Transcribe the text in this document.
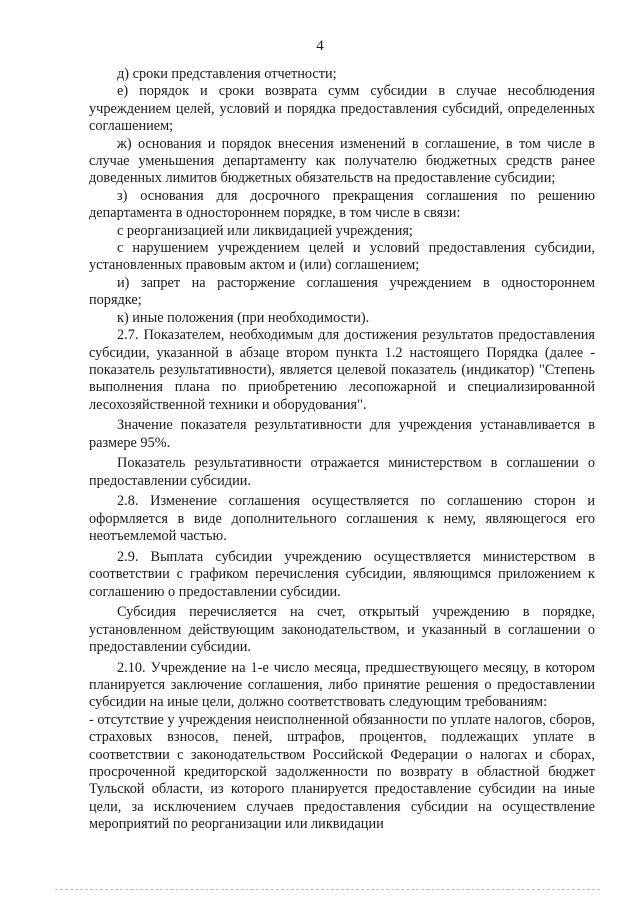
4

д) сроки представления отчетности;

е) порядок и сроки возврата сумм субсидии в случае несоблюдения учреждением целей, условий и порядка предоставления субсидий, определенных соглашением;

ж) основания и порядок внесения изменений в соглашение, в том числе в случае уменьшения департаменту как получателю бюджетных средств ранее доведенных лимитов бюджетных обязательств на предоставление субсидии;

з) основания для досрочного прекращения соглашения по решению департамента в одностороннем порядке, в том числе в связи:

с реорганизацией или ликвидацией учреждения;

с нарушением учреждением целей и условий предоставления субсидии, установленных правовым актом и (или) соглашением;

и) запрет на расторжение соглашения учреждением в одностороннем порядке;

к) иные положения (при необходимости).

2.7. Показателем, необходимым для достижения результатов предоставления субсидии, указанной в абзаце втором пункта 1.2 настоящего Порядка (далее - показатель результативности), является целевой показатель (индикатор) "Степень выполнения плана по приобретению лесопожарной и специализированной лесохозяйственной техники и оборудования".

Значение показателя результативности для учреждения устанавливается в размере 95%.

Показатель результативности отражается министерством в соглашении о предоставлении субсидии.

2.8. Изменение соглашения осуществляется по соглашению сторон и оформляется в виде дополнительного соглашения к нему, являющегося его неотъемлемой частью.

2.9. Выплата субсидии учреждению осуществляется министерством в соответствии с графиком перечисления субсидии, являющимся приложением к соглашению о предоставлении субсидии.

Субсидия перечисляется на счет, открытый учреждению в порядке, установленном действующим законодательством, и указанный в соглашении о предоставлении субсидии.

2.10. Учреждение на 1-е число месяца, предшествующего месяцу, в котором планируется заключение соглашения, либо принятие решения о предоставлении субсидии на иные цели, должно соответствовать следующим требованиям:

- отсутствие у учреждения неисполненной обязанности по уплате налогов, сборов, страховых взносов, пеней, штрафов, процентов, подлежащих уплате в соответствии с законодательством Российской Федерации о налогах и сборах, просроченной кредиторской задолженности по возврату в областной бюджет Тульской области, из которого планируется предоставление субсидии на иные цели, за исключением случаев предоставления субсидии на осуществление мероприятий по реорганизации или ликвидации
